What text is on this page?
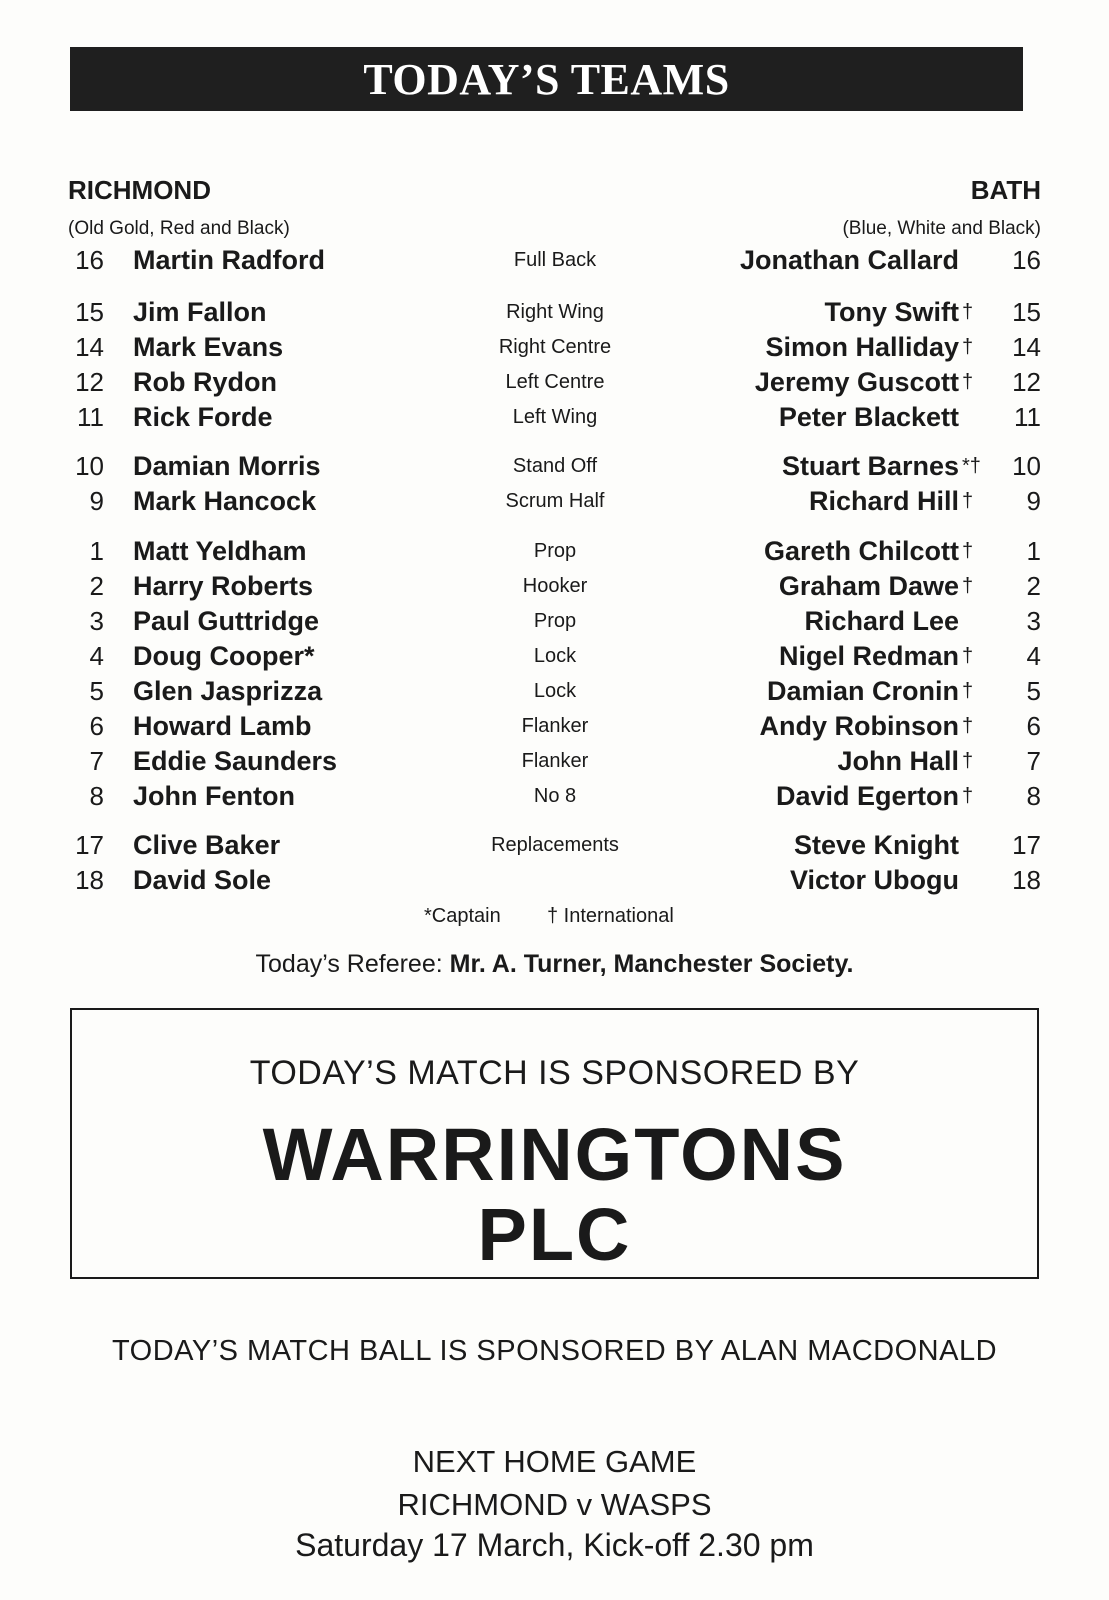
TODAY’S TEAMS
RICHMOND	BATH
(Old Gold, Red and Black)	(Blue, White and Black)
16 Martin Radford	Full Back	Jonathan Callard	16
15 Jim Fallon	Right Wing	Tony Swift †	15
14 Mark Evans	Right Centre	Simon Halliday †	14
12 Rob Rydon	Left Centre	Jeremy Guscott †	12
11 Rick Forde	Left Wing	Peter Blackett	11
10 Damian Morris	Stand Off	Stuart Barnes *†	10
9 Mark Hancock	Scrum Half	Richard Hill †	9
1 Matt Yeldham	Prop	Gareth Chilcott †	1
2 Harry Roberts	Hooker	Graham Dawe †	2
3 Paul Guttridge	Prop	Richard Lee	3
4 Doug Cooper*	Lock	Nigel Redman †	4
5 Glen Jasprizza	Lock	Damian Cronin †	5
6 Howard Lamb	Flanker	Andy Robinson †	6
7 Eddie Saunders	Flanker	John Hall †	7
8 John Fenton	No 8	David Egerton †	8
17 Clive Baker	Replacements	Steve Knight	17
18 David Sole	Victor Ubogu	18
*Captain † International
Today’s Referee: Mr. A. Turner, Manchester Society.
TODAY’S MATCH IS SPONSORED BY
WARRINGTONS
PLC
TODAY’S MATCH BALL IS SPONSORED BY ALAN MACDONALD
NEXT HOME GAME
RICHMOND v WASPS
Saturday 17 March, Kick-off 2.30 pm
